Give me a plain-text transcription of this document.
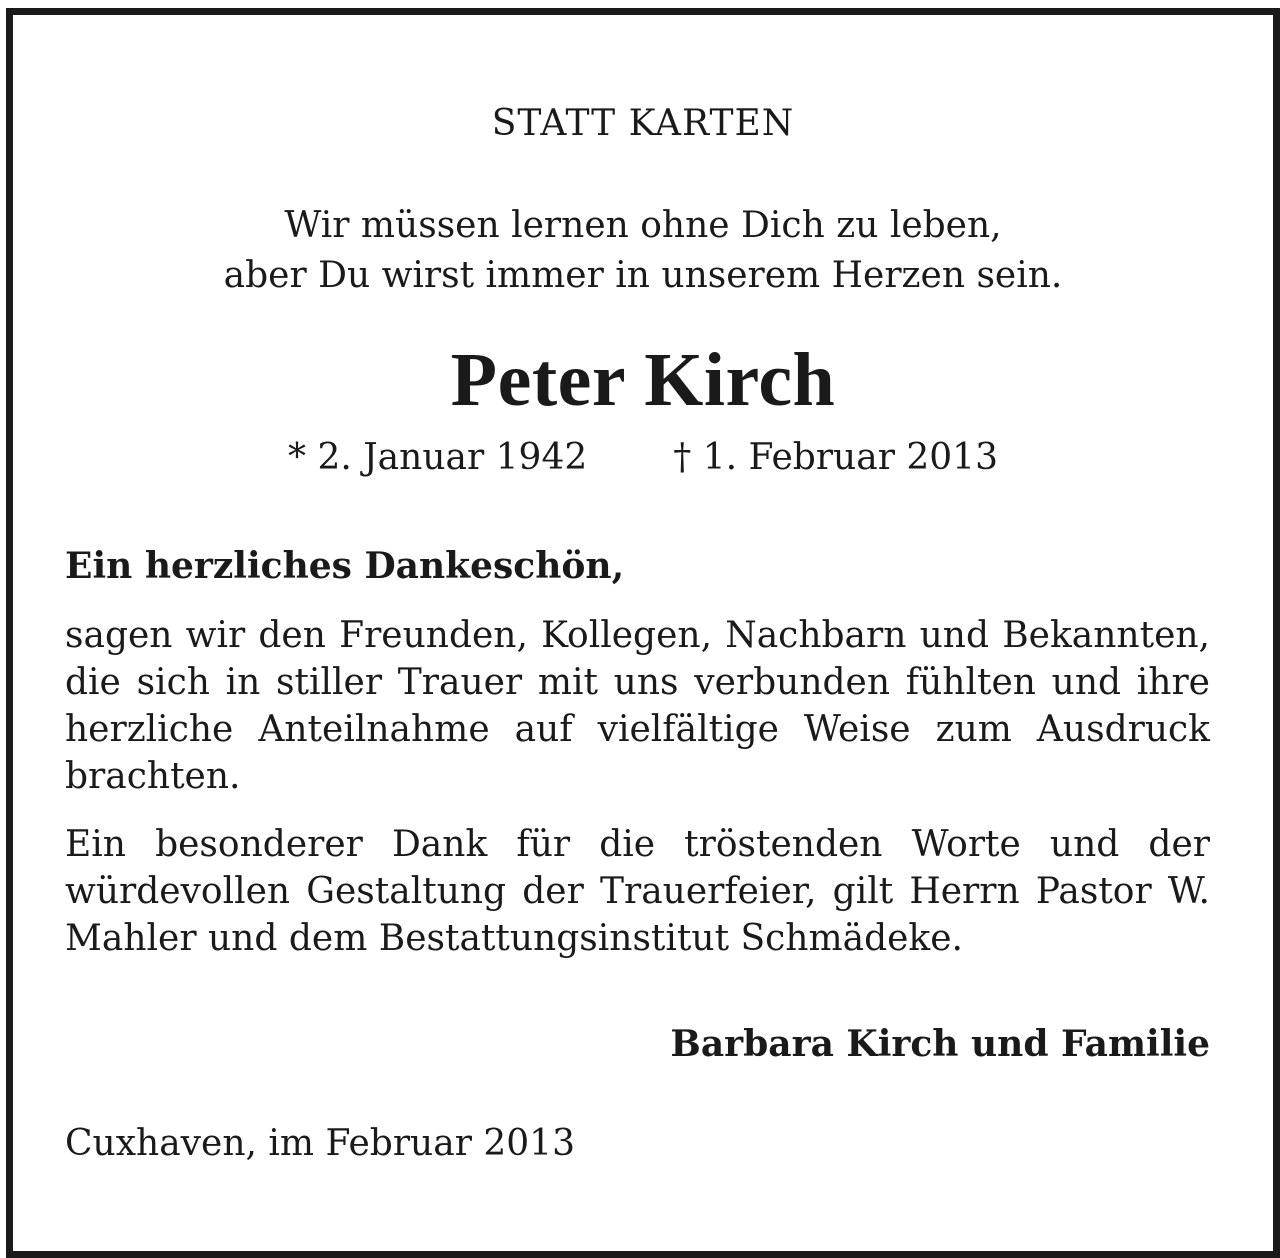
STATT KARTEN
Wir müssen lernen ohne Dich zu leben,
aber Du wirst immer in unserem Herzen sein.
Peter Kirch
* 2. Januar 1942 † 1. Februar 2013
Ein herzliches Dankeschön,
sagen wir den Freunden, Kollegen, Nachbarn und Bekannten, die sich in stiller Trauer mit uns verbunden fühlten und ihre herzliche Anteilnahme auf vielfältige Weise zum Ausdruck brachten.
Ein besonderer Dank für die tröstenden Worte und der würdevollen Gestaltung der Trauerfeier, gilt Herrn Pastor W. Mahler und dem Bestattungsinstitut Schmädeke.
Barbara Kirch und Familie
Cuxhaven, im Februar 2013
